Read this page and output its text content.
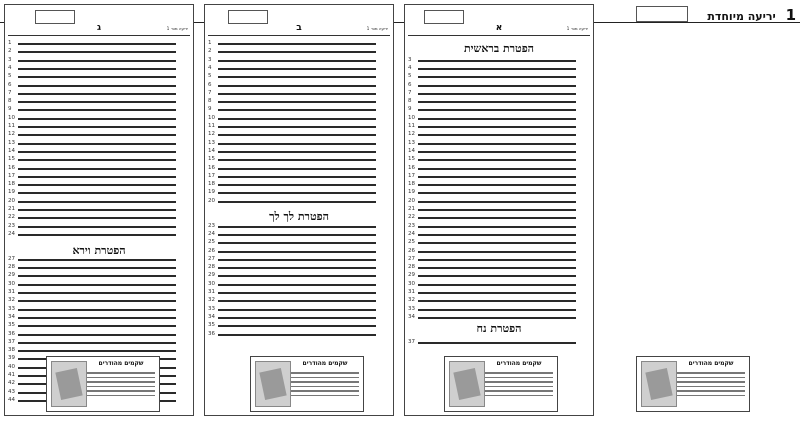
1 יריעה מיוחדת
ג	יריעה מס׳ 1
1
2
3
4
5
6
7
8
9
10
11
12
13
14
15
16
17
18
19
20
21
22
23
24
27
28
29
30
31
32
33
34
35
36
37
38
39
40
41
42
43
44
הפטרת וירא
ב	יריעה מס׳ 1
1
2
3
4
5
6
7
8
9
10
11
12
13
14
15
16
17
18
19
20
23
24
25
26
27
28
29
30
31
32
33
34
35
36
הפטרת לך לך
א	יריעה מס׳ 1
3
4
5
6
7
8
9
10
11
12
13
14
15
16
17
18
19
20
21
22
23
24
25
26
27
28
29
30
31
32
33
34
37
הפטרת בראשית
הפטרת נח
שקמים מהודרים	שקמים מהודרים	שקמים מהודרים	שקמים מהודרים
